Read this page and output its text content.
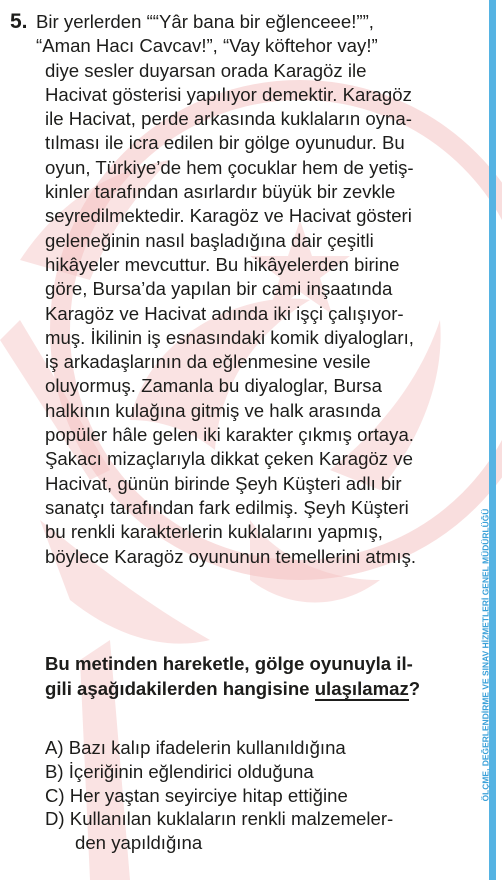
ÖLÇME, DEĞERLENDİRME VE SINAV HİZMETLERİ GENEL MÜDÜRLÜĞÜ
5. Bir yerlerden ““Yâr bana bir eğlenceee!””,
“Aman Hacı Cavcav!”, “Vay köftehor vay!”
diye sesler duyarsan orada Karagöz ile
Hacivat gösterisi yapılıyor demektir. Karagöz
ile Hacivat, perde arkasında kuklaların oyna-
tılması ile icra edilen bir gölge oyunudur. Bu
oyun, Türkiye’de hem çocuklar hem de yetiş-
kinler tarafından asırlardır büyük bir zevkle
seyredilmektedir. Karagöz ve Hacivat gösteri
geleneğinin nasıl başladığına dair çeşitli
hikâyeler mevcuttur. Bu hikâyelerden birine
göre, Bursa’da yapılan bir cami inşaatında
Karagöz ve Hacivat adında iki işçi çalışıyor-
muş. İkilinin iş esnasındaki komik diyalogları,
iş arkadaşlarının da eğlenmesine vesile
oluyormuş. Zamanla bu diyaloglar, Bursa
halkının kulağına gitmiş ve halk arasında
popüler hâle gelen iki karakter çıkmış ortaya.
Şakacı mizaçlarıyla dikkat çeken Karagöz ve
Hacivat, günün birinde Şeyh Küşteri adlı bir
sanatçı tarafından fark edilmiş. Şeyh Küşteri
bu renkli karakterlerin kuklalarını yapmış,
böylece Karagöz oyununun temellerini atmış.
Bu metinden hareketle, gölge oyunuyla il-
gili aşağıdakilerden hangisine ulaşılamaz?
A) Bazı kalıp ifadelerin kullanıldığına
B) İçeriğinin eğlendirici olduğuna
C) Her yaştan seyirciye hitap ettiğine
D) Kullanılan kuklaların renkli malzemeler-
den yapıldığına
